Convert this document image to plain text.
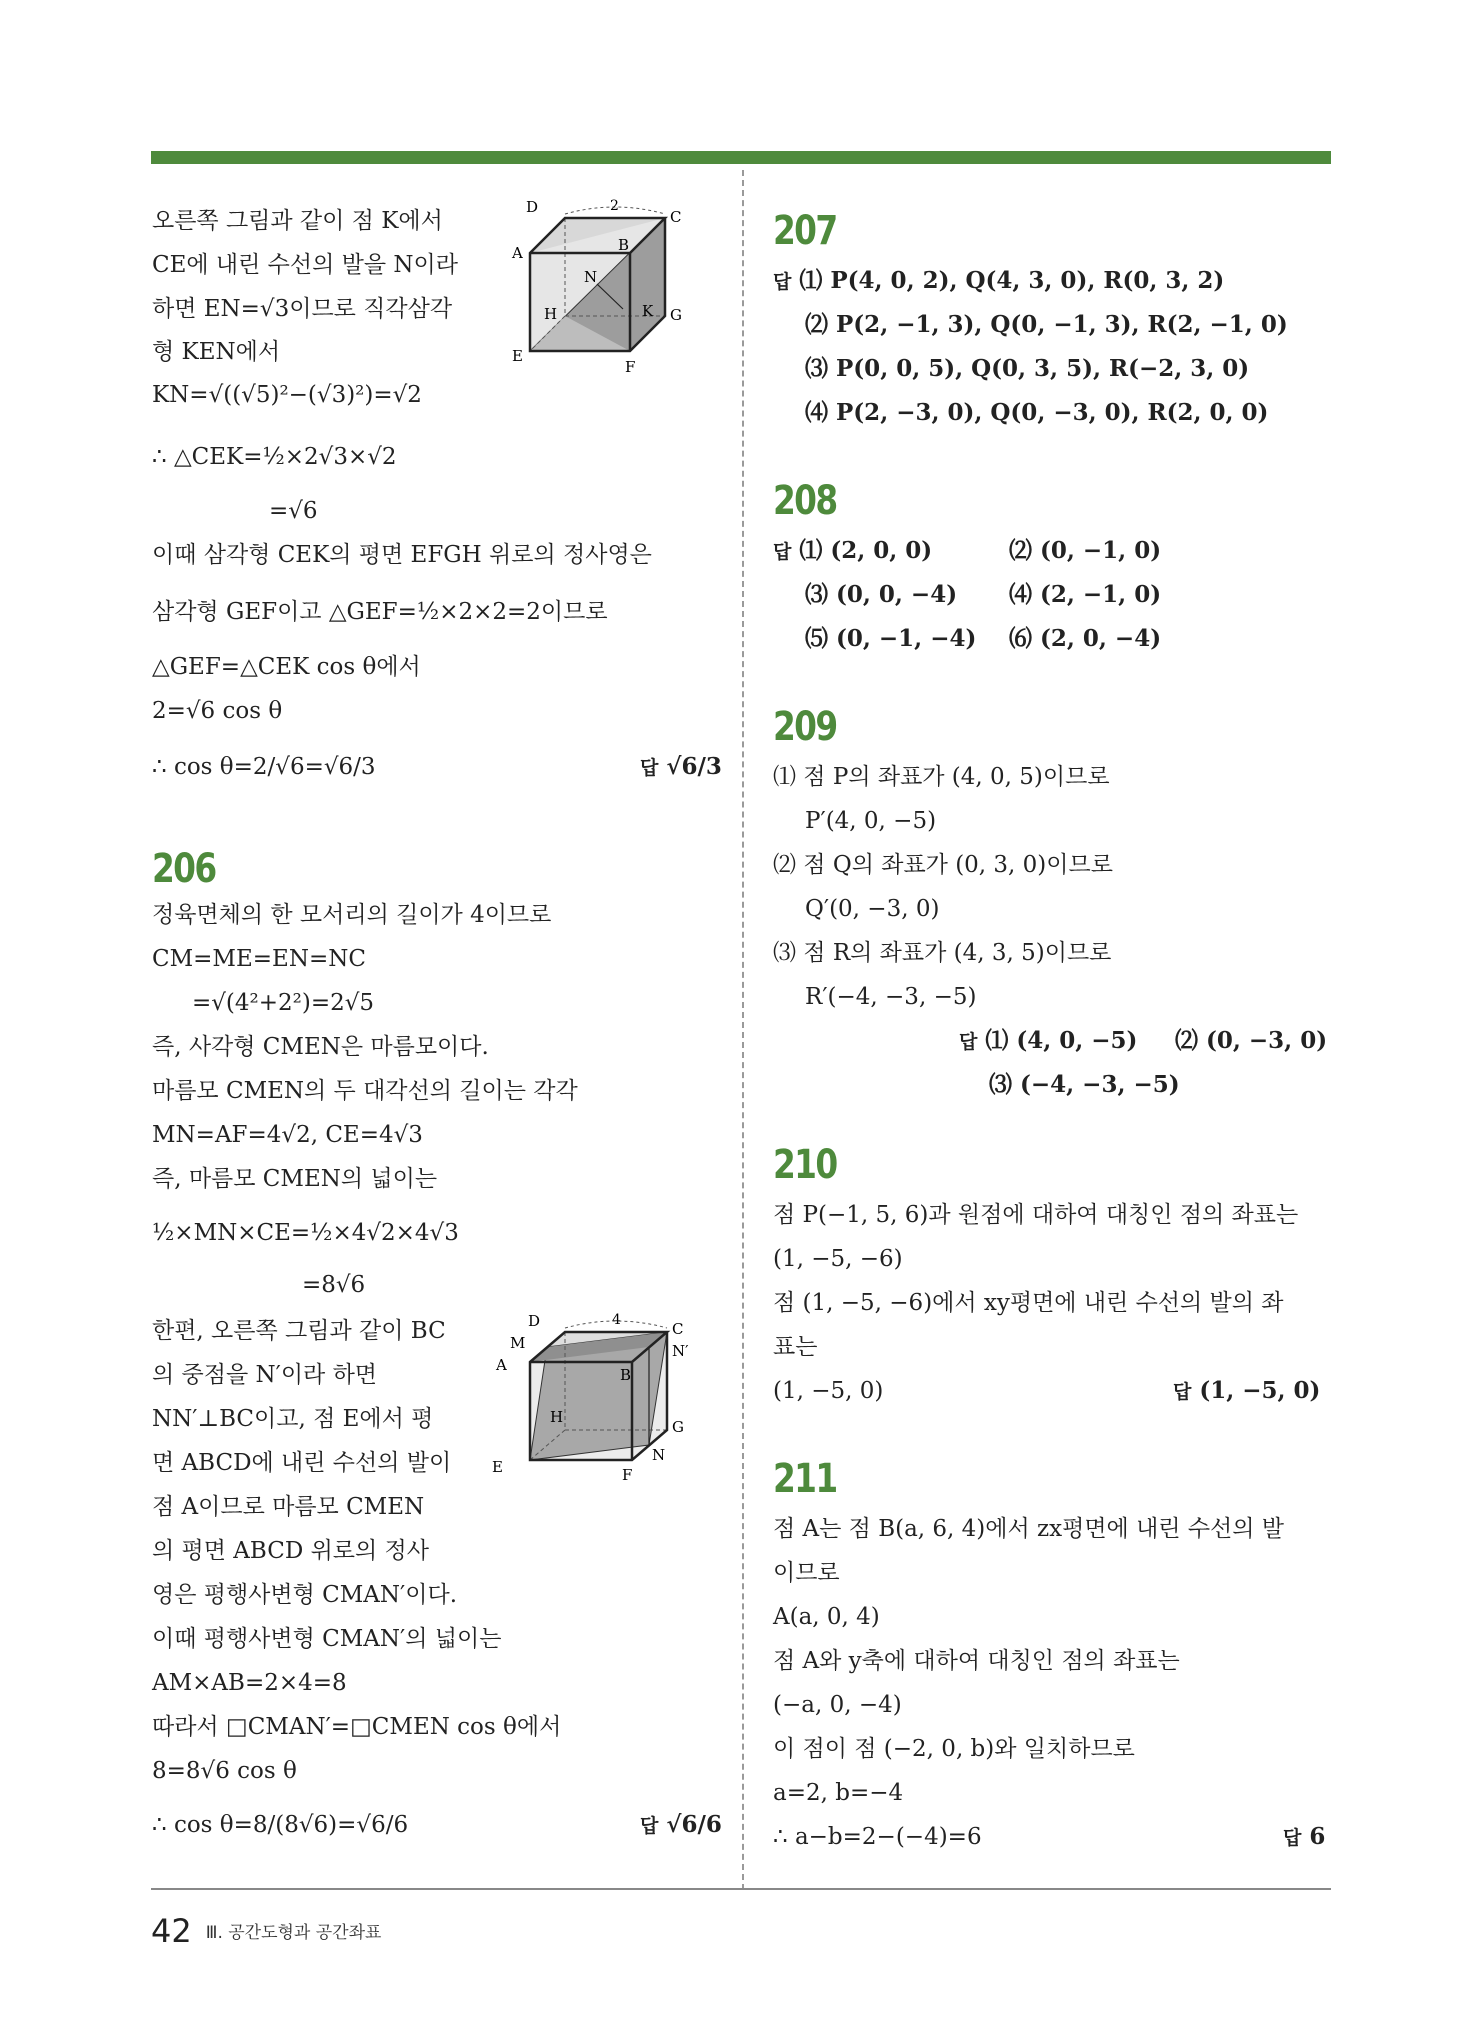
오른쪽 그림과 같이 점 K에서
CE에 내린 수선의 발을 N이라
하면 EN=√3이므로 직각삼각
형 KEN에서
KN=√((√5)²−(√3)²)=√2
∴ △CEK=½×2√3×√2
=√6
이때 삼각형 CEK의 평면 EFGH 위로의 정사영은
삼각형 GEF이고 △GEF=½×2×2=2이므로
△GEF=△CEK cos θ에서
2=√6 cos θ
∴ cos θ=2/√6=√6/3	답 √6/3
D	2
C
A	B
N
H	K G
E
F
206
정육면체의 한 모서리의 길이가 4이므로
CM=ME=EN=NC
=√(4²+2²)=2√5
즉, 사각형 CMEN은 마름모이다.
마름모 CMEN의 두 대각선의 길이는 각각
MN=AF=4√2, CE=4√3
즉, 마름모 CMEN의 넓이는
½×MN×CE=½×4√2×4√3
=8√6
한편, 오른쪽 그림과 같이 BC
의 중점을 N′이라 하면
NN′⊥BC이고, 점 E에서 평
면 ABCD에 내린 수선의 발이
점 A이므로 마름모 CMEN
의 평면 ABCD 위로의 정사
영은 평행사변형 CMAN′이다.
이때 평행사변형 CMAN′의 넓이는
AM×AB=2×4=8
따라서 □CMAN′=□CMEN cos θ에서
8=8√6 cos θ
∴ cos θ=8/(8√6)=√6/6	답 √6/6
D	4	C
M	N′
A
B
H
G
N
E	F
207
답 ⑴ P(4, 0, 2), Q(4, 3, 0), R(0, 3, 2)
⑵ P(2, −1, 3), Q(0, −1, 3), R(2, −1, 0)
⑶ P(0, 0, 5), Q(0, 3, 5), R(−2, 3, 0)
⑷ P(2, −3, 0), Q(0, −3, 0), R(2, 0, 0)
208
답 ⑴ (2, 0, 0)	⑵ (0, −1, 0)
⑶ (0, 0, −4) ⑷ (2, −1, 0)
⑸ (0, −1, −4) ⑹ (2, 0, −4)
209
⑴ 점 P의 좌표가 (4, 0, 5)이므로
P′(4, 0, −5)
⑵ 점 Q의 좌표가 (0, 3, 0)이므로
Q′(0, −3, 0)
⑶ 점 R의 좌표가 (4, 3, 5)이므로
R′(−4, −3, −5)
답 ⑴ (4, 0, −5) ⑵ (0, −3, 0)
⑶ (−4, −3, −5)
210
점 P(−1, 5, 6)과 원점에 대하여 대칭인 점의 좌표는
(1, −5, −6)
점 (1, −5, −6)에서 xy평면에 내린 수선의 발의 좌
표는
(1, −5, 0)	답 (1, −5, 0)
211
점 A는 점 B(a, 6, 4)에서 zx평면에 내린 수선의 발
이므로
A(a, 0, 4)
점 A와 y축에 대하여 대칭인 점의 좌표는
(−a, 0, −4)
이 점이 점 (−2, 0, b)와 일치하므로
a=2, b=−4
∴ a−b=2−(−4)=6	답 6
42 Ⅲ. 공간도형과 공간좌표
